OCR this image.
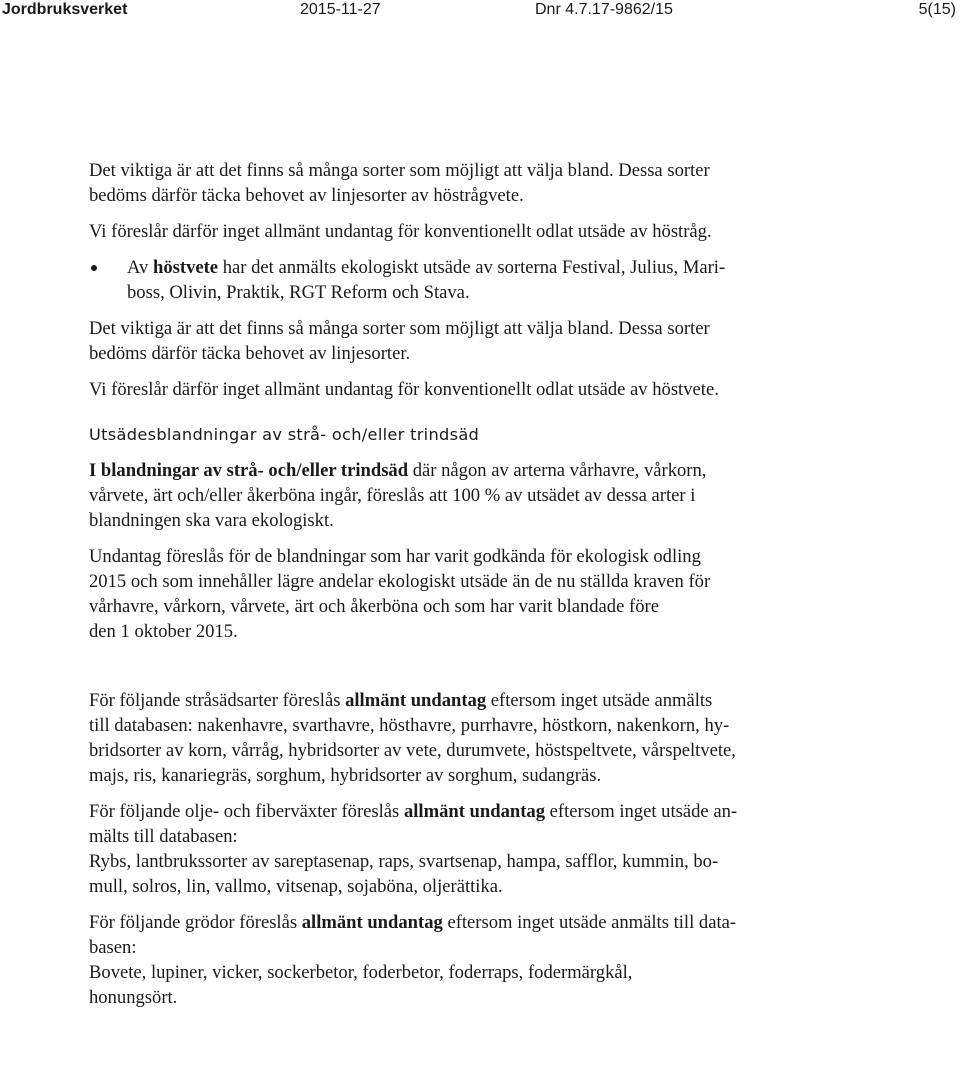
Jordbruksverket	2015-11-27	Dnr 4.7.17-9862/15	5(15)

Det viktiga är att det finns så många sorter som möjligt att välja bland. Dessa sorter
bedöms därför täcka behovet av linjesorter av höstrågvete.

Vi föreslår därför inget allmänt undantag för konventionellt odlat utsäde av höstråg.

Av höstvete har det anmälts ekologiskt utsäde av sorterna Festival, Julius, Mari-
boss, Olivin, Praktik, RGT Reform och Stava.

Det viktiga är att det finns så många sorter som möjligt att välja bland. Dessa sorter
bedöms därför täcka behovet av linjesorter.

Vi föreslår därför inget allmänt undantag för konventionellt odlat utsäde av höstvete.

Utsädesblandningar av strå- och/eller trindsäd

I blandningar av strå- och/eller trindsäd där någon av arterna vårhavre, vårkorn,
vårvete, ärt och/eller åkerböna ingår, föreslås att 100 % av utsädet av dessa arter i
blandningen ska vara ekologiskt.

Undantag föreslås för de blandningar som har varit godkända för ekologisk odling
2015 och som innehåller lägre andelar ekologiskt utsäde än de nu ställda kraven för
vårhavre, vårkorn, vårvete, ärt och åkerböna och som har varit blandade före
den 1 oktober 2015.

För följande stråsädsarter föreslås allmänt undantag eftersom inget utsäde anmälts
till databasen: nakenhavre, svarthavre, hösthavre, purrhavre, höstkorn, nakenkorn, hy-
bridsorter av korn, vårråg, hybridsorter av vete, durumvete, höstspeltvete, vårspeltvete,
majs, ris, kanariegräs, sorghum, hybridsorter av sorghum, sudangräs.

För följande olje- och fiberväxter föreslås allmänt undantag eftersom inget utsäde an-
mälts till databasen:
Rybs, lantbrukssorter av sareptasenap, raps, svartsenap, hampa, safflor, kummin, bo-
mull, solros, lin, vallmo, vitsenap, sojaböna, oljerättika.

För följande grödor föreslås allmänt undantag eftersom inget utsäde anmälts till data-
basen:
Bovete, lupiner, vicker, sockerbetor, foderbetor, foderraps, fodermärgkål,
honungsört.
